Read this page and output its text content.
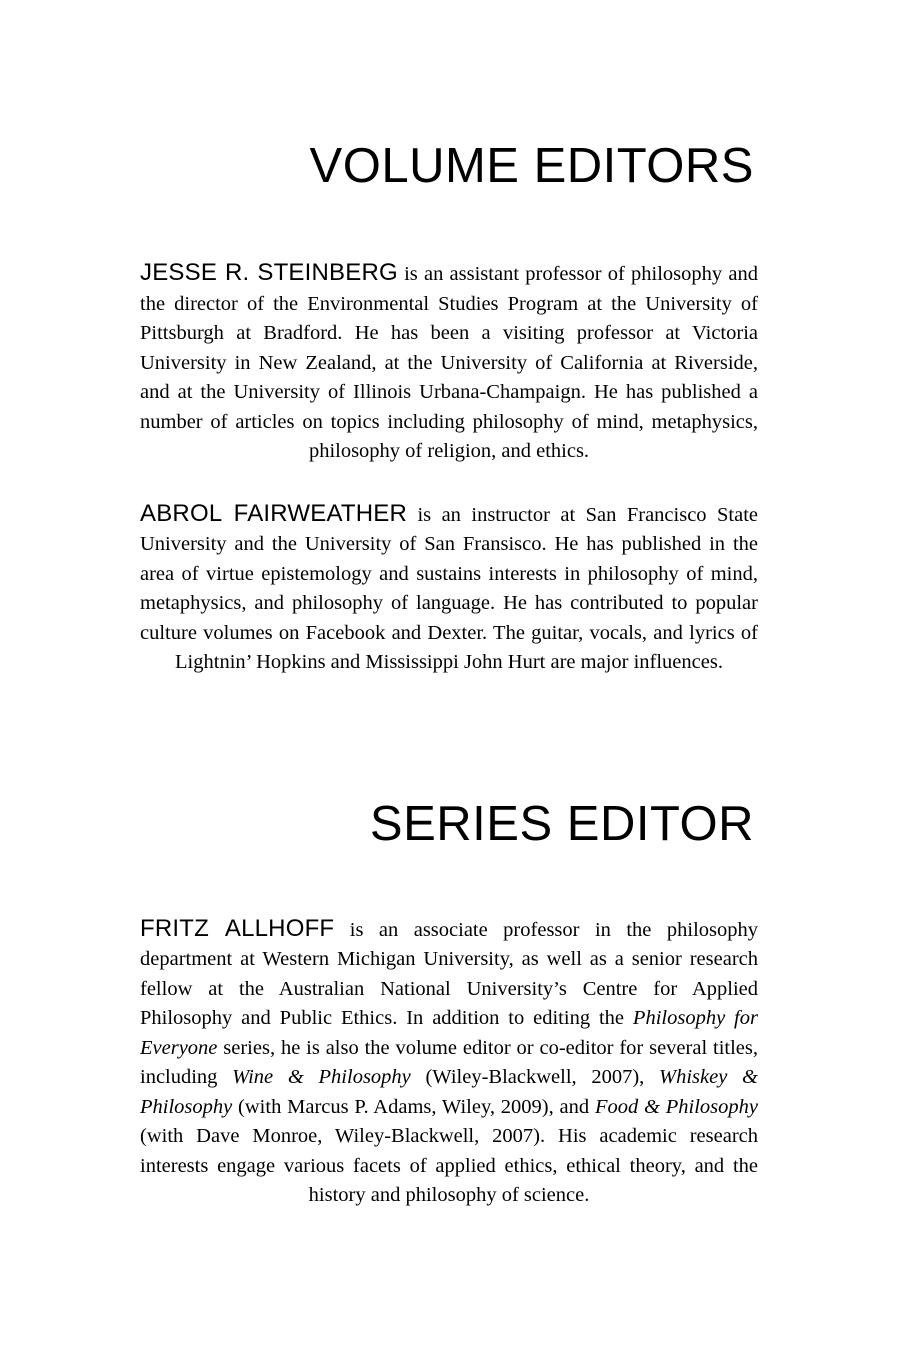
VOLUME EDITORS

JESSE R. STEINBERG is an assistant professor of philosophy and the director of the Environmental Studies Program at the University of Pittsburgh at Bradford. He has been a visiting professor at Victoria University in New Zealand, at the University of California at Riverside, and at the University of Illinois Urbana-Champaign. He has published a number of articles on topics including philosophy of mind, metaphysics, philosophy of religion, and ethics.

ABROL FAIRWEATHER is an instructor at San Francisco State University and the University of San Fransisco. He has published in the area of virtue epistemology and sustains interests in philosophy of mind, metaphysics, and philosophy of language. He has contributed to popular culture volumes on Facebook and Dexter. The guitar, vocals, and lyrics of Lightnin’ Hopkins and Mississippi John Hurt are major influences.

SERIES EDITOR

FRITZ ALLHOFF is an associate professor in the philosophy department at Western Michigan University, as well as a senior research fellow at the Australian National University’s Centre for Applied Philosophy and Public Ethics. In addition to editing the Philosophy for Everyone series, he is also the volume editor or co-editor for several titles, including Wine & Philosophy (Wiley-Blackwell, 2007), Whiskey & Philosophy (with Marcus P. Adams, Wiley, 2009), and Food & Philosophy (with Dave Monroe, Wiley-Blackwell, 2007). His academic research interests engage various facets of applied ethics, ethical theory, and the history and philosophy of science.
